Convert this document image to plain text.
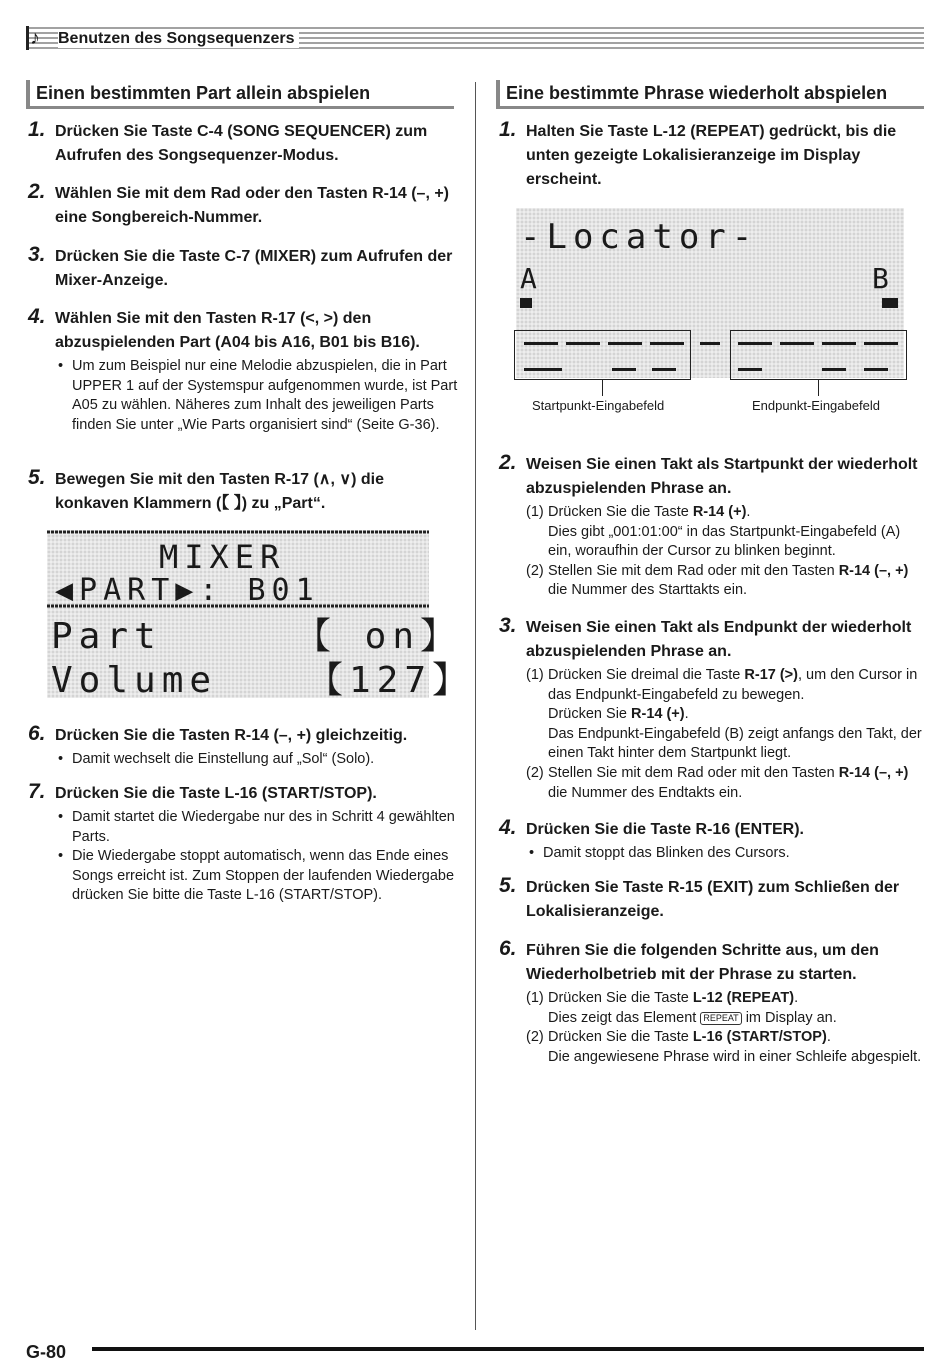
♪ Benutzen des Songsequenzers
Einen bestimmten Part allein abspielen
1. Drücken Sie Taste C-4 (SONG SEQUENCER) zum Aufrufen des Songsequenzer-Modus.
2. Wählen Sie mit dem Rad oder den Tasten R-14 (–, +) eine Songbereich-Nummer.
3. Drücken Sie die Taste C-7 (MIXER) zum Aufrufen der Mixer-Anzeige.
4. Wählen Sie mit den Tasten R-17 (<, >) den abzuspielenden Part (A04 bis A16, B01 bis B16).
• Um zum Beispiel nur eine Melodie abzuspielen, die in Part UPPER 1 auf der Systemspur aufgenommen wurde, ist Part A05 zu wählen. Näheres zum Inhalt des jeweiligen Parts finden Sie unter „Wie Parts organisiert sind“ (Seite G-36).
5. Bewegen Sie mit den Tasten R-17 (∧, ∨) die konkaven Klammern (【 】) zu „Part“.
MIXER
◀PART▶: B01
Part	【 on】
Volume 【127】
6. Drücken Sie die Tasten R-14 (–, +) gleichzeitig.
• Damit wechselt die Einstellung auf „Sol“ (Solo).
7. Drücken Sie die Taste L-16 (START/STOP).
• Damit startet die Wiedergabe nur des in Schritt 4 gewählten Parts.
• Die Wiedergabe stoppt automatisch, wenn das Ende eines Songs erreicht ist. Zum Stoppen der laufenden Wiedergabe drücken Sie bitte die Taste L-16 (START/STOP).
Eine bestimmte Phrase wiederholt abspielen
1. Halten Sie Taste L-12 (REPEAT) gedrückt, bis die unten gezeigte Lokalisieranzeige im Display erscheint.
-Locator-
A	B
Startpunkt-Eingabefeld	Endpunkt-Eingabefeld
2. Weisen Sie einen Takt als Startpunkt der wiederholt abzuspielenden Phrase an.
(1) Drücken Sie die Taste R-14 (+).
Dies gibt „001:01:00“ in das Startpunkt-Eingabefeld (A) ein, woraufhin der Cursor zu blinken beginnt.
(2) Stellen Sie mit dem Rad oder mit den Tasten R-14 (–, +) die Nummer des Starttakts ein.
3. Weisen Sie einen Takt als Endpunkt der wiederholt abzuspielenden Phrase an.
(1) Drücken Sie dreimal die Taste R-17 (>), um den Cursor in das Endpunkt-Eingabefeld zu bewegen.
Drücken Sie R-14 (+).
Das Endpunkt-Eingabefeld (B) zeigt anfangs den Takt, der einen Takt hinter dem Startpunkt liegt.
(2) Stellen Sie mit dem Rad oder mit den Tasten R-14 (–, +) die Nummer des Endtakts ein.
4. Drücken Sie die Taste R-16 (ENTER).
• Damit stoppt das Blinken des Cursors.
5. Drücken Sie Taste R-15 (EXIT) zum Schließen der Lokalisieranzeige.
6. Führen Sie die folgenden Schritte aus, um den Wiederholbetrieb mit der Phrase zu starten.
(1) Drücken Sie die Taste L-12 (REPEAT).
Dies zeigt das Element REPEAT im Display an.
(2) Drücken Sie die Taste L-16 (START/STOP).
Die angewiesene Phrase wird in einer Schleife abgespielt.
G-80
